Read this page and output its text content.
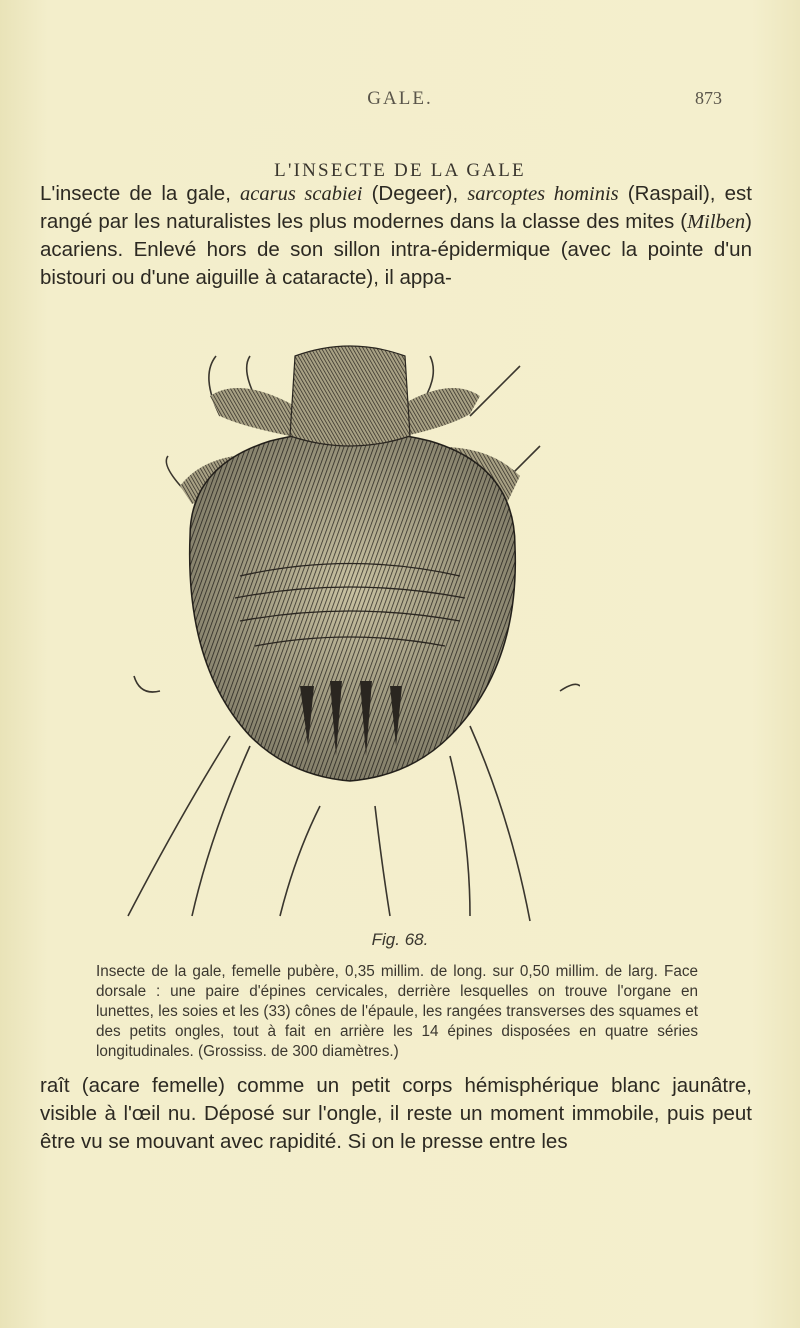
GALE.	873
L'INSECTE DE LA GALE
L'insecte de la gale, acarus scabiei (Degeer), sarcoptes hominis (Raspail), est rangé par les naturalistes les plus modernes dans la classe des mites (Milben) acariens. Enlevé hors de son sillon intra-épidermique (avec la pointe d'un bistouri ou d'une aiguille à cataracte), il appa-
Fig. 68.
Insecte de la gale, femelle pubère, 0,35 millim. de long. sur 0,50 millim. de larg. Face dorsale : une paire d'épines cervicales, derrière lesquelles on trouve l'organe en lunettes, les soies et les (33) cônes de l'épaule, les rangées transverses des squames et des petits ongles, tout à fait en arrière les 14 épines disposées en quatre séries longitudinales. (Grossiss. de 300 diamètres.)
raît (acare femelle) comme un petit corps hémisphérique blanc jaunâtre, visible à l'œil nu. Déposé sur l'ongle, il reste un moment immobile, puis peut être vu se mouvant avec rapidité. Si on le presse entre les
